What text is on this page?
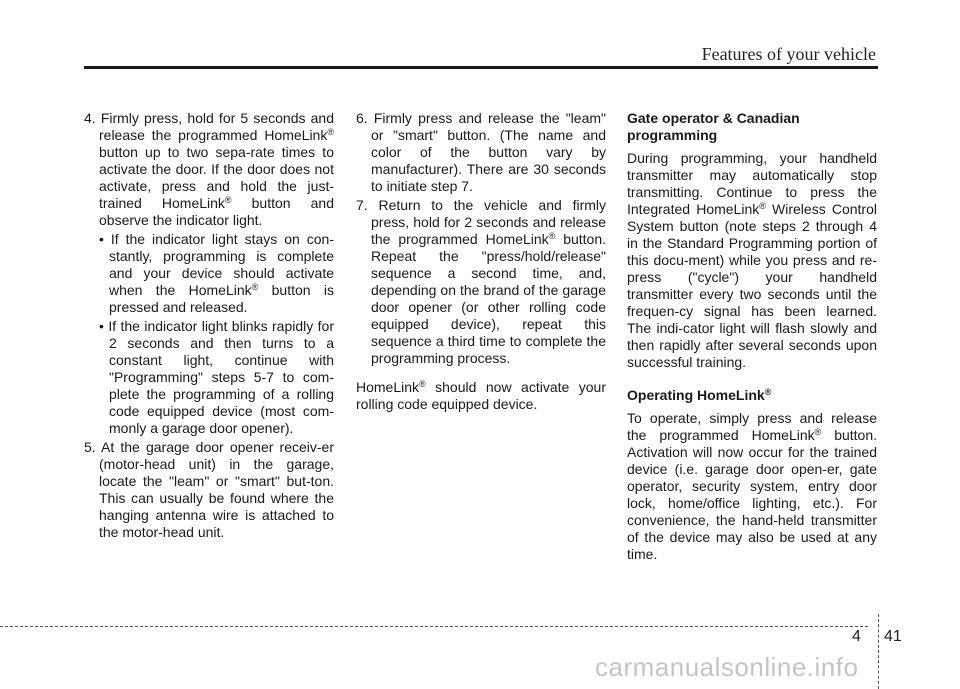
Features of your vehicle

4. Firmly press, hold for 5 seconds and release the programmed HomeLink® button up to two sepa-rate times to activate the door. If the door does not activate, press and hold the just-trained HomeLink® button and observe the indicator light.

• If the indicator light stays on con-stantly, programming is complete and your device should activate when the HomeLink® button is pressed and released.

• If the indicator light blinks rapidly for 2 seconds and then turns to a constant light, continue with "Programming" steps 5-7 to com-plete the programming of a rolling code equipped device (most com-monly a garage door opener).

5. At the garage door opener receiv-er (motor-head unit) in the garage, locate the "leam" or "smart" but-ton. This can usually be found where the hanging antenna wire is attached to the motor-head unit.

6. Firmly press and release the "leam" or "smart" button. (The name and color of the button vary by manufacturer). There are 30 seconds to initiate step 7.

7. Return to the vehicle and firmly press, hold for 2 seconds and release the programmed HomeLink® button. Repeat the "press/hold/release" sequence a second time, and, depending on the brand of the garage door opener (or other rolling code equipped device), repeat this sequence a third time to complete the programming process.

HomeLink® should now activate your rolling code equipped device.

Gate operator & Canadian programming

During programming, your handheld transmitter may automatically stop transmitting. Continue to press the Integrated HomeLink® Wireless Control System button (note steps 2 through 4 in the Standard Programming portion of this docu-ment) while you press and re-press ("cycle") your handheld transmitter every two seconds until the frequen-cy signal has been learned. The indi-cator light will flash slowly and then rapidly after several seconds upon successful training.

Operating HomeLink®

To operate, simply press and release the programmed HomeLink® button. Activation will now occur for the trained device (i.e. garage door open-er, gate operator, security system, entry door lock, home/office lighting, etc.). For convenience, the hand-held transmitter of the device may also be used at any time.

4 41
carmanualsonline.info
